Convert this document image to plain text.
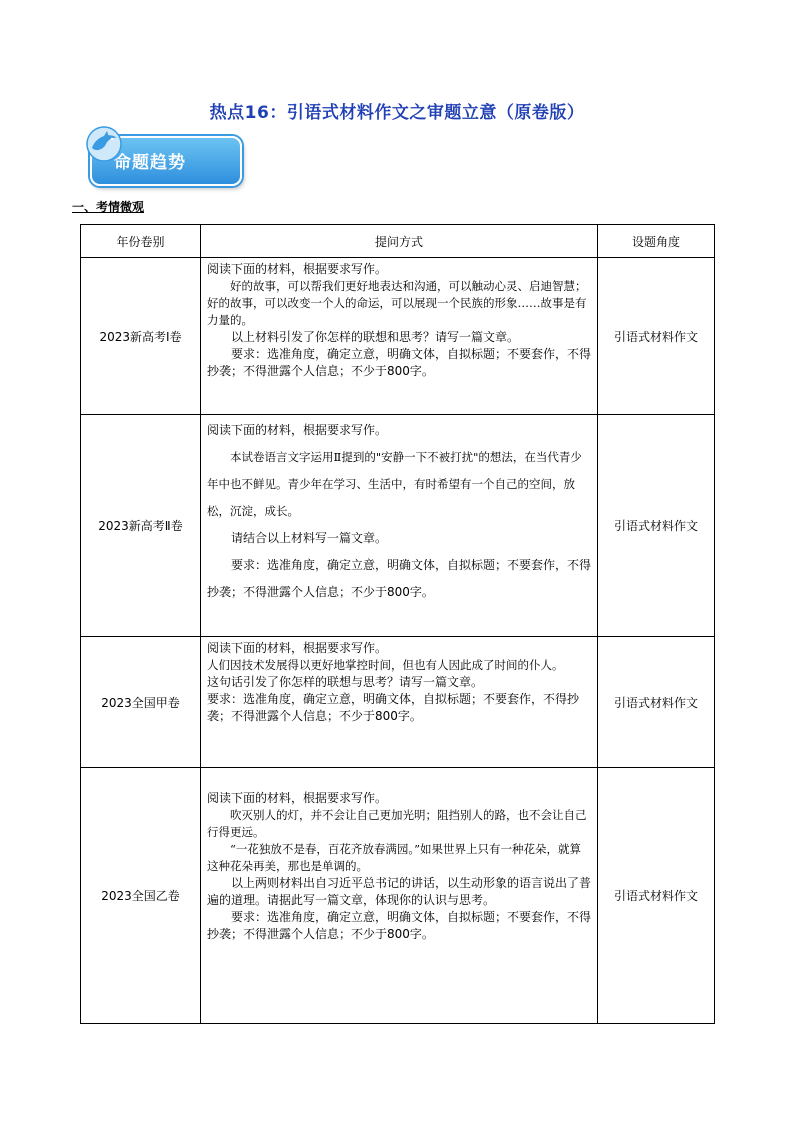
热点16：引语式材料作文之审题立意（原卷版）
命题趋势
一、考情微观
年份卷别	提问方式	设题角度
2023新高考Ⅰ卷	阅读下面的材料，根据要求写作。

好的故事，可以帮我们更好地表达和沟通，可以触动心灵、启迪智慧；好的故事，可以改变一个人的命运，可以展现一个民族的形象……故事是有力量的。

以上材料引发了你怎样的联想和思考？请写一篇文章。

要求：选准角度，确定立意，明确文体，自拟标题；不要套作，不得抄袭；不得泄露个人信息；不少于800字。	引语式材料作文
2023新高考Ⅱ卷	阅读下面的材料，根据要求写作。

本试卷语言文字运用Ⅱ提到的"安静一下不被打扰"的想法，在当代青少年中也不鲜见。青少年在学习、生活中，有时希望有一个自己的空间，放松，沉淀，成长。

请结合以上材料写一篇文章。

要求：选准角度，确定立意，明确文体，自拟标题；不要套作，不得抄袭；不得泄露个人信息；不少于800字。	引语式材料作文
2023全国甲卷	阅读下面的材料，根据要求写作。

人们因技术发展得以更好地掌控时间，但也有人因此成了时间的仆人。

这句话引发了你怎样的联想与思考？请写一篇文章。

要求：选准角度，确定立意，明确文体，自拟标题；不要套作，不得抄袭；不得泄露个人信息；不少于800字。	引语式材料作文
2023全国乙卷	阅读下面的材料，根据要求写作。

吹灭别人的灯，并不会让自己更加光明；阻挡别人的路，也不会让自己行得更远。

“一花独放不是春，百花齐放春满园。”如果世界上只有一种花朵，就算这种花朵再美，那也是单调的。

以上两则材料出自习近平总书记的讲话，以生动形象的语言说出了普遍的道理。请据此写一篇文章，体现你的认识与思考。

要求：选准角度，确定立意，明确文体，自拟标题；不要套作，不得抄袭；不得泄露个人信息；不少于800字。	引语式材料作文
